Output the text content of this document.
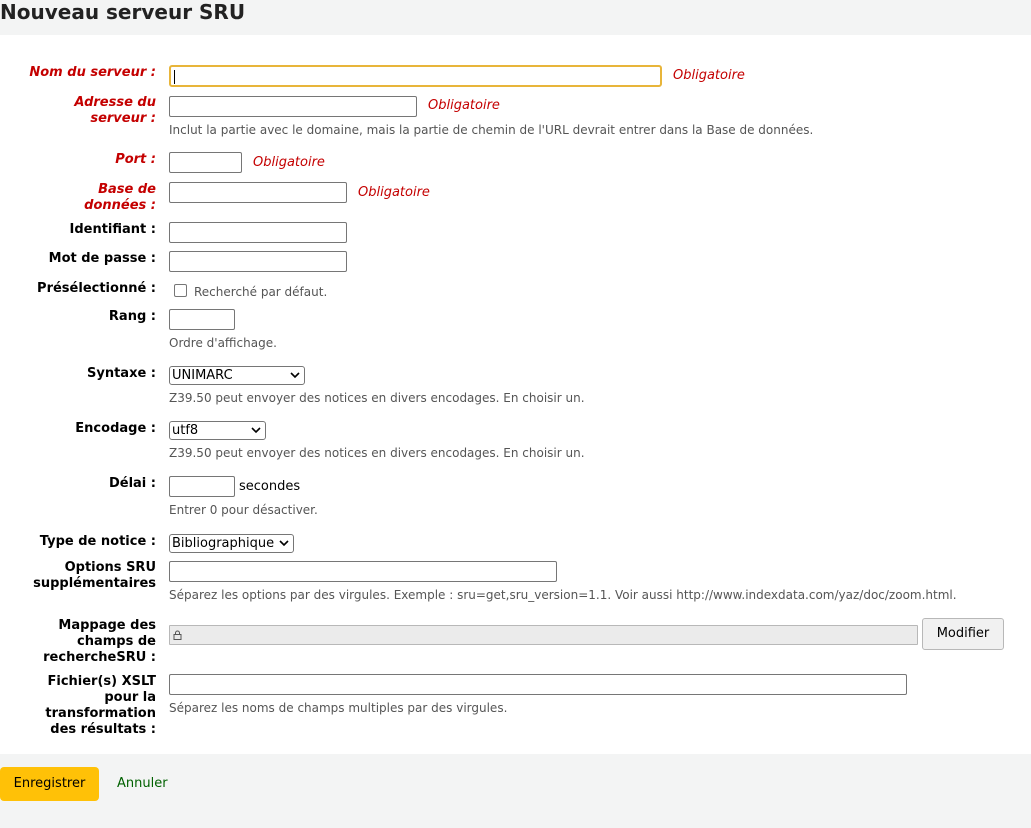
Nouveau serveur SRU
Nom du serveur :	Obligatoire
Adresse du
serveur :
Obligatoire
Inclut la partie avec le domaine, mais la partie de chemin de l'URL devrait entrer dans la Base de données.
Port :	Obligatoire
Base de
données :
Obligatoire
Identifiant :
Mot de passe :
Présélectionné :	Recherché par défaut.
Rang :
Ordre d'affichage.
Syntaxe : UNIMARC
Z39.50 peut envoyer des notices en divers encodages. En choisir un.
Encodage : utf8
Z39.50 peut envoyer des notices en divers encodages. En choisir un.
Délai :	secondes
Entrer 0 pour désactiver.
Type de notice : Bibliographique
Options SRU
supplémentaires
Séparez les options par des virgules. Exemple : sru=get,sru_version=1.1. Voir aussi http://www.indexdata.com/yaz/doc/zoom.html.
Mappage des
champs de
rechercheSRU :
Modifier
Fichier(s) XSLT
pour la
transformation
des résultats :
Séparez les noms de champs multiples par des virgules.
Enregistrer	Annuler
